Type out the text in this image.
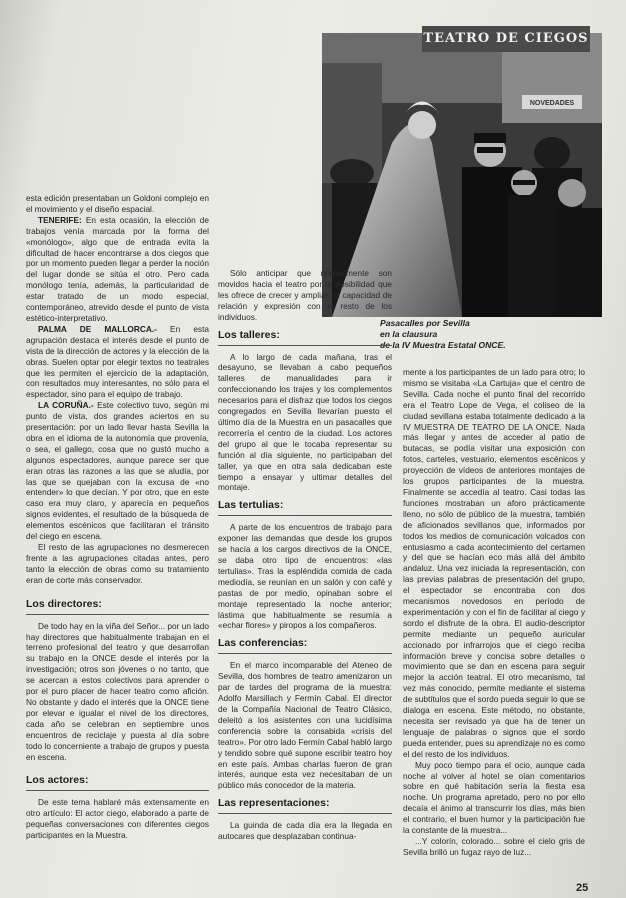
NOVEDADES
TEATRO DE CIEGOS
Pasacalles por Sevilla
en la clausura
de la IV Muestra Estatal ONCE.

esta edición presentaban un Goldoni complejo en el movimiento y el diseño espacial.

TENERIFE: En esta ocasión, la elección de trabajos venía marcada por la forma del «monólogo», algo que de entrada evita la dificultad de hacer encontrarse a dos ciegos que por un momento pueden llegar a perder la noción del lugar donde se sitúa el otro. Pero cada monólogo tenía, además, la particularidad de estar tratado de un modo especial, contemporáneo, atrevido desde el punto de vista estético-interpretativo.

PALMA DE MALLORCA.- En esta agrupación destaca el interés desde el punto de vista de la dirección de actores y la elección de la obras. Suelen optar por elegir textos no teatrales que les permiten el ejercicio de la adaptación, con resultados muy interesantes, no sólo para el espectador, sino para el equipo de trabajo.

LA CORUÑA.- Este colectivo tuvo, según mi punto de vista, dos grandes aciertos en su presentación: por un lado llevar hasta Sevilla la obra en el idioma de la autonomía que provenía, o sea, el gallego, cosa que no gustó mucho a algunos espectadores, aunque parece ser que eran otras las razones a las que se aludía, por las que se quejaban con la excusa de «no entender» lo que decían. Y por otro, que en este caso era muy claro, y aparecía en pequeños signos evidentes, el resultado de la búsqueda de elementos escénicos que facilitaran el tránsito del ciego en escena.

El resto de las agrupaciones no desmerecen frente a las agrupaciones citadas antes, pero tanto la elección de obras como su tratamiento eran de corte más conservador.

Los directores:

De todo hay en la viña del Señor... por un lado hay directores que habitualmente trabajan en el terreno profesional del teatro y que desarrollan su trabajo en la ONCE desde el interés por la investigación; otros son jóvenes o no tanto, que se acercan a estos colectivos para aprender o por el puro placer de hacer teatro como afición. No obstante y dado el interés que la ONCE tiene por elevar e igualar el nivel de los directores, cada año se celebran en septiembre unos encuentros de reciclaje y puesta al día sobre todo lo concerniente a trabajo de grupos y puesta en escena.

Los actores:

De este tema hablaré más extensamente en otro artículo: El actor ciego, elaborado a parte de pequeñas conversaciones con diferentes ciegos participantes en la Muestra.

Sólo anticipar que normalmente son movidos hacia el teatro por la posibilidad que les ofrece de crecer y ampliar su capacidad de relación y expresión con el resto de los individuos.

Los talleres:

A lo largo de cada mañana, tras el desayuno, se llevaban a cabo pequeños talleres de manualidades para ir confeccionando los trajes y los complementos necesarios para el disfraz que todos los ciegos congregados en Sevilla llevarían puesto el último día de la Muestra en un pasacalles que recorrería el centro de la ciudad. Los actores del grupo al que le tocaba representar su función al día siguiente, no participaban del taller, ya que en otra sala dedicaban este tiempo a ensayar y ultimar detalles del montaje.

Las tertulias:

A parte de los encuentros de trabajo para exponer las demandas que desde los grupos se hacía a los cargos directivos de la ONCE, se daba otro tipo de encuentros: «las tertulias». Tras la espléndida comida de cada mediodía, se reunían en un salón y con café y pastas de por medio, opinaban sobre el montaje representado la noche anterior; lástima que habitualmente se resumía a «echar flores» y piropos a los compañeros.

Las conferencias:

En el marco incomparable del Ateneo de Sevilla, dos hombres de teatro amenizaron un par de tardes del programa de la muestra: Adolfo Marsillach y Fermín Cabal. El director de la Compañía Nacional de Teatro Clásico, deleitó a los asistentes con una lucidísima conferencia sobre la consabida «crisis del teatro». Por otro lado Fermín Cabal habló largo y tendido sobre qué supone escribir teatro hoy en este país. Ambas charlas fueron de gran interés, aunque esta vez necesitaban de un público más conocedor de la materia.

Las representaciones:

La guinda de cada día era la llegada en autocares que desplazaban continua-

mente a los participantes de un lado para otro; lo mismo se visitaba «La Cartuja» que el centro de Sevilla. Cada noche el punto final del recorrido era el Teatro Lope de Vega, el coliseo de la ciudad sevillana estaba totalmente dedicado a la IV MUESTRA DE TEATRO DE LA ONCE. Nada más llegar y antes de acceder al patio de butacas, se podía visitar una exposición con fotos, carteles, vestuario, elementos escénicos y proyección de vídeos de anteriores montajes de los grupos participantes de la muestra. Finalmente se accedía al teatro. Casi todas las funciones mostraban un aforo prácticamente lleno, no sólo de público de la muestra, también de aficionados sevillanos que, informados por todos los medios de comunicación volcados con entusiasmo a cada acontecimiento del certamen y del que se hacían eco más allá del ámbito andaluz. Una vez iniciada la representación, con las previas palabras de presentación del grupo, el espectador se encontraba con dos mecanismos novedosos en período de experimentación y con el fin de facilitar al ciego y sordo el disfrute de la obra. El audio-descriptor permite mediante un pequeño auricular accionado por infrarrojos que el ciego reciba información breve y concisa sobre detalles o movimiento que se dan en escena para seguir mejor la acción teatral. El otro mecanismo, tal vez más conocido, permite mediante el sistema de subtítulos que el sordo pueda seguir lo que se dialoga en escena. Este método, no obstante, necesita ser revisado ya que ha de tener un lenguaje de palabras o signos que el sordo pueda entender, pues su aprendizaje no es como el del resto de los individuos.

Muy poco tiempo para el ocio, aunque cada noche al volver al hotel se oían comentarios sobre en qué habitación sería la fiesta esa noche. Un programa apretado, pero no por ello decaía el ánimo al transcurrir los días, más bien el contrario, el buen humor y la participación fue la constante de la muestra...

...Y colorín, colorado... sobre el cielo gris de Sevilla brilló un fugaz rayo de luz...

25
